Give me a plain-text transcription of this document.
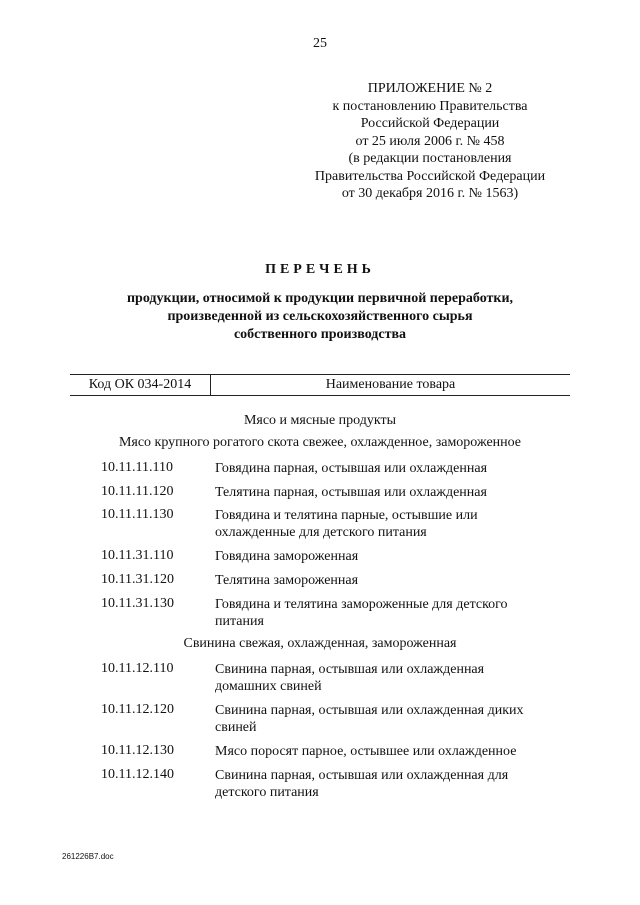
25
ПРИЛОЖЕНИЕ № 2
к постановлению Правительства
Российской Федерации
от 25 июля 2006 г. № 458
(в редакции постановления
Правительства Российской Федерации
от 30 декабря 2016 г. № 1563)
ПЕРЕЧЕНЬ
продукции, относимой к продукции первичной переработки,
произведенной из сельскохозяйственного сырья
собственного производства
Код ОК 034-2014	Наименование товара
Мясо и мясные продукты
Мясо крупного рогатого скота свежее, охлажденное, замороженное
10.11.11.110	Говядина парная, остывшая или охлажденная
10.11.11.120	Телятина парная, остывшая или охлажденная
10.11.11.130	Говядина и телятина парные, остывшие или
охлажденные для детского питания
10.11.31.110	Говядина замороженная
10.11.31.120	Телятина замороженная
10.11.31.130	Говядина и телятина замороженные для детского
питания
Свинина свежая, охлажденная, замороженная
10.11.12.110	Свинина парная, остывшая или охлажденная
домашних свиней
10.11.12.120	Свинина парная, остывшая или охлажденная диких
свиней
10.11.12.130	Мясо поросят парное, остывшее или охлажденное
10.11.12.140	Свинина парная, остывшая или охлажденная для
детского питания
261226B7.doc
